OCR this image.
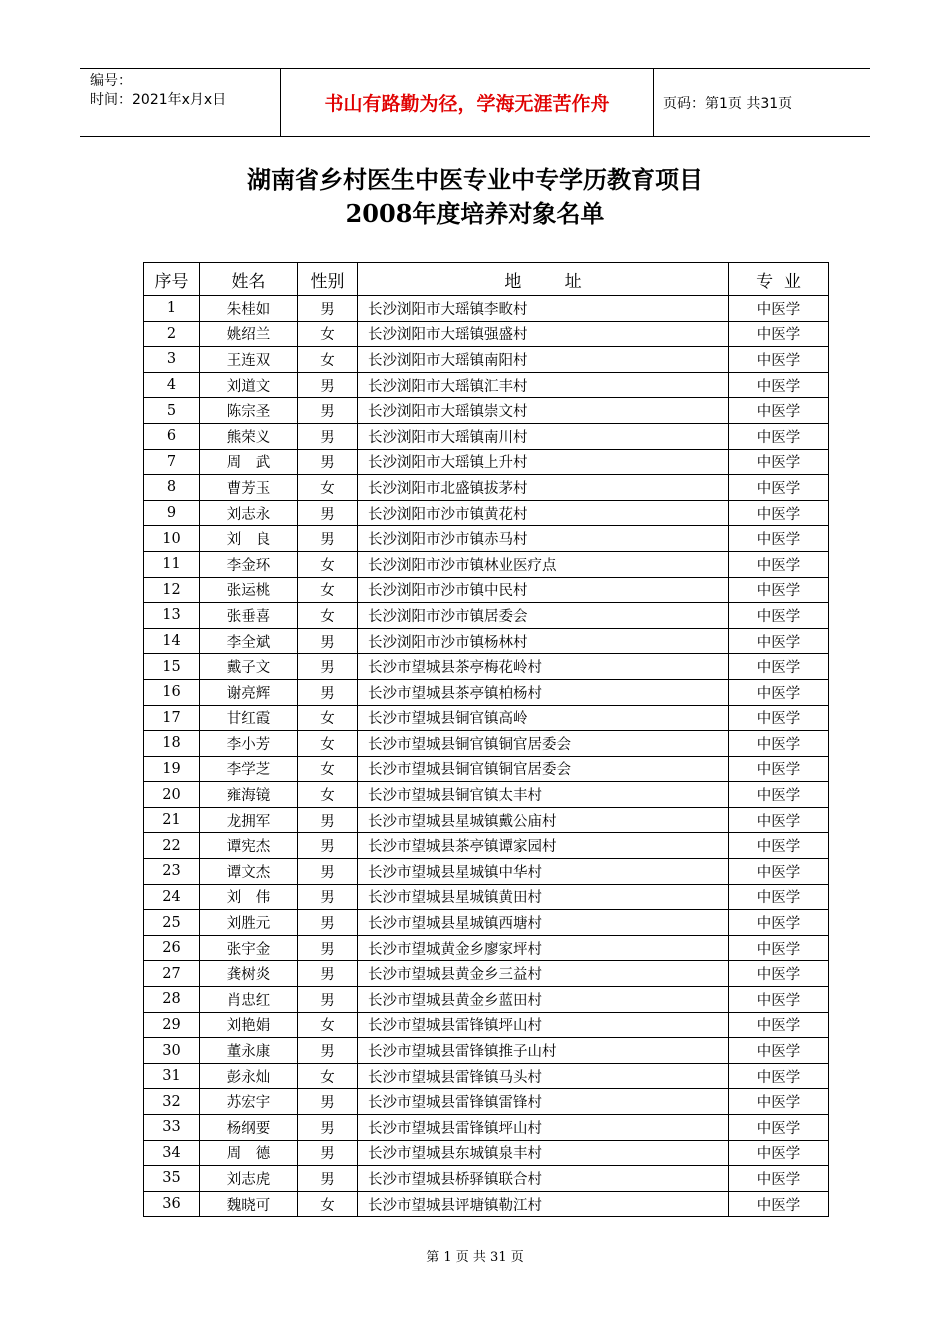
编号：
时间：2021年x月x日	书山有路勤为径，学海无涯苦作舟	页码：第1页 共31页
湖南省乡村医生中医专业中专学历教育项目
2008年度培养对象名单
序号	姓名	性别	地        址	专  业
1	朱桂如	男	长沙浏阳市大瑶镇李畋村	中医学
2	姚绍兰	女	长沙浏阳市大瑶镇强盛村	中医学
3	王连双	女	长沙浏阳市大瑶镇南阳村	中医学
4	刘道文	男	长沙浏阳市大瑶镇汇丰村	中医学
5	陈宗圣	男	长沙浏阳市大瑶镇崇文村	中医学
6	熊荣义	男	长沙浏阳市大瑶镇南川村	中医学
7	周　武	男	长沙浏阳市大瑶镇上升村	中医学
8	曹芳玉	女	长沙浏阳市北盛镇拔茅村	中医学
9	刘志永	男	长沙浏阳市沙市镇黄花村	中医学
10	刘　良	男	长沙浏阳市沙市镇赤马村	中医学
11	李金环	女	长沙浏阳市沙市镇林业医疗点	中医学
12	张运桃	女	长沙浏阳市沙市镇中民村	中医学
13	张垂喜	女	长沙浏阳市沙市镇居委会	中医学
14	李全斌	男	长沙浏阳市沙市镇杨林村	中医学
15	戴子文	男	长沙市望城县茶亭梅花岭村	中医学
16	谢亮辉	男	长沙市望城县茶亭镇柏杨村	中医学
17	甘红霞	女	长沙市望城县铜官镇高岭	中医学
18	李小芳	女	长沙市望城县铜官镇铜官居委会	中医学
19	李学芝	女	长沙市望城县铜官镇铜官居委会	中医学
20	雍海镜	女	长沙市望城县铜官镇太丰村	中医学
21	龙拥军	男	长沙市望城县星城镇戴公庙村	中医学
22	谭宪杰	男	长沙市望城县茶亭镇谭家园村	中医学
23	谭文杰	男	长沙市望城县星城镇中华村	中医学
24	刘　伟	男	长沙市望城县星城镇黄田村	中医学
25	刘胜元	男	长沙市望城县星城镇西塘村	中医学
26	张宇金	男	长沙市望城黄金乡廖家坪村	中医学
27	龚树炎	男	长沙市望城县黄金乡三益村	中医学
28	肖忠红	男	长沙市望城县黄金乡蓝田村	中医学
29	刘艳娟	女	长沙市望城县雷锋镇坪山村	中医学
30	董永康	男	长沙市望城县雷锋镇推子山村	中医学
31	彭永灿	女	长沙市望城县雷锋镇马头村	中医学
32	苏宏宇	男	长沙市望城县雷锋镇雷锋村	中医学
33	杨纲要	男	长沙市望城县雷锋镇坪山村	中医学
34	周　德	男	长沙市望城县东城镇泉丰村	中医学
35	刘志虎	男	长沙市望城县桥驿镇联合村	中医学
36	魏晓可	女	长沙市望城县评塘镇勒江村	中医学
第 1 页 共 31 页
